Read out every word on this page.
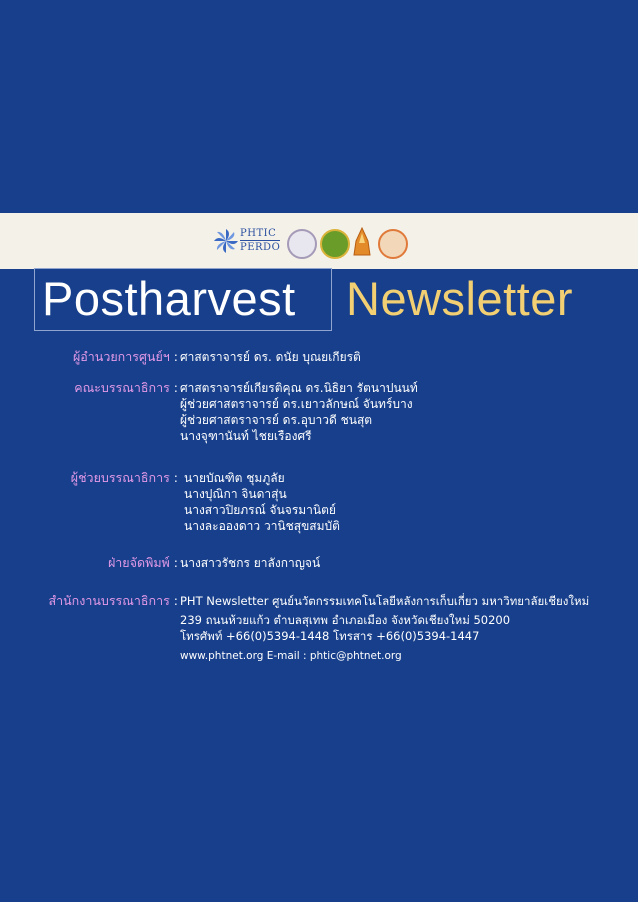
PHTIC
PERDO
Postharvest Newsletter
ผู้อำนวยการศูนย์ฯ : ศาสตราจารย์ ดร. ดนัย บุณยเกียรติ
คณะบรรณาธิการ : ศาสตราจารย์เกียรติคุณ ดร.นิธิยา รัตนาปนนท์
ผู้ช่วยศาสตราจารย์ ดร.เยาวลักษณ์ จันทร์บาง
ผู้ช่วยศาสตราจารย์ ดร.อุบาวดี ชนสุต
นางจุฑานันท์ ไชยเรืองศรี
ผู้ช่วยบรรณาธิการ : นายบัณฑิต ชุมภูลัย
นางปุณิกา จินดาสุ่น
นางสาวปิยภรณ์ จันจรมานิตย์
นางละอองดาว วานิชสุขสมบัติ
ฝ่ายจัดพิมพ์ : นางสาวรัชกร ยาลังกาญจน์
สำนักงานบรรณาธิการ : PHT Newsletter ศูนย์นวัตกรรมเทคโนโลยีหลังการเก็บเกี่ยว มหาวิทยาลัยเชียงใหม่
239 ถนนห้วยแก้ว ตำบลสุเทพ อำเภอเมือง จังหวัดเชียงใหม่ 50200
โทรศัพท์ +66(0)5394-1448 โทรสาร +66(0)5394-1447
www.phtnet.org E-mail : phtic@phtnet.org
